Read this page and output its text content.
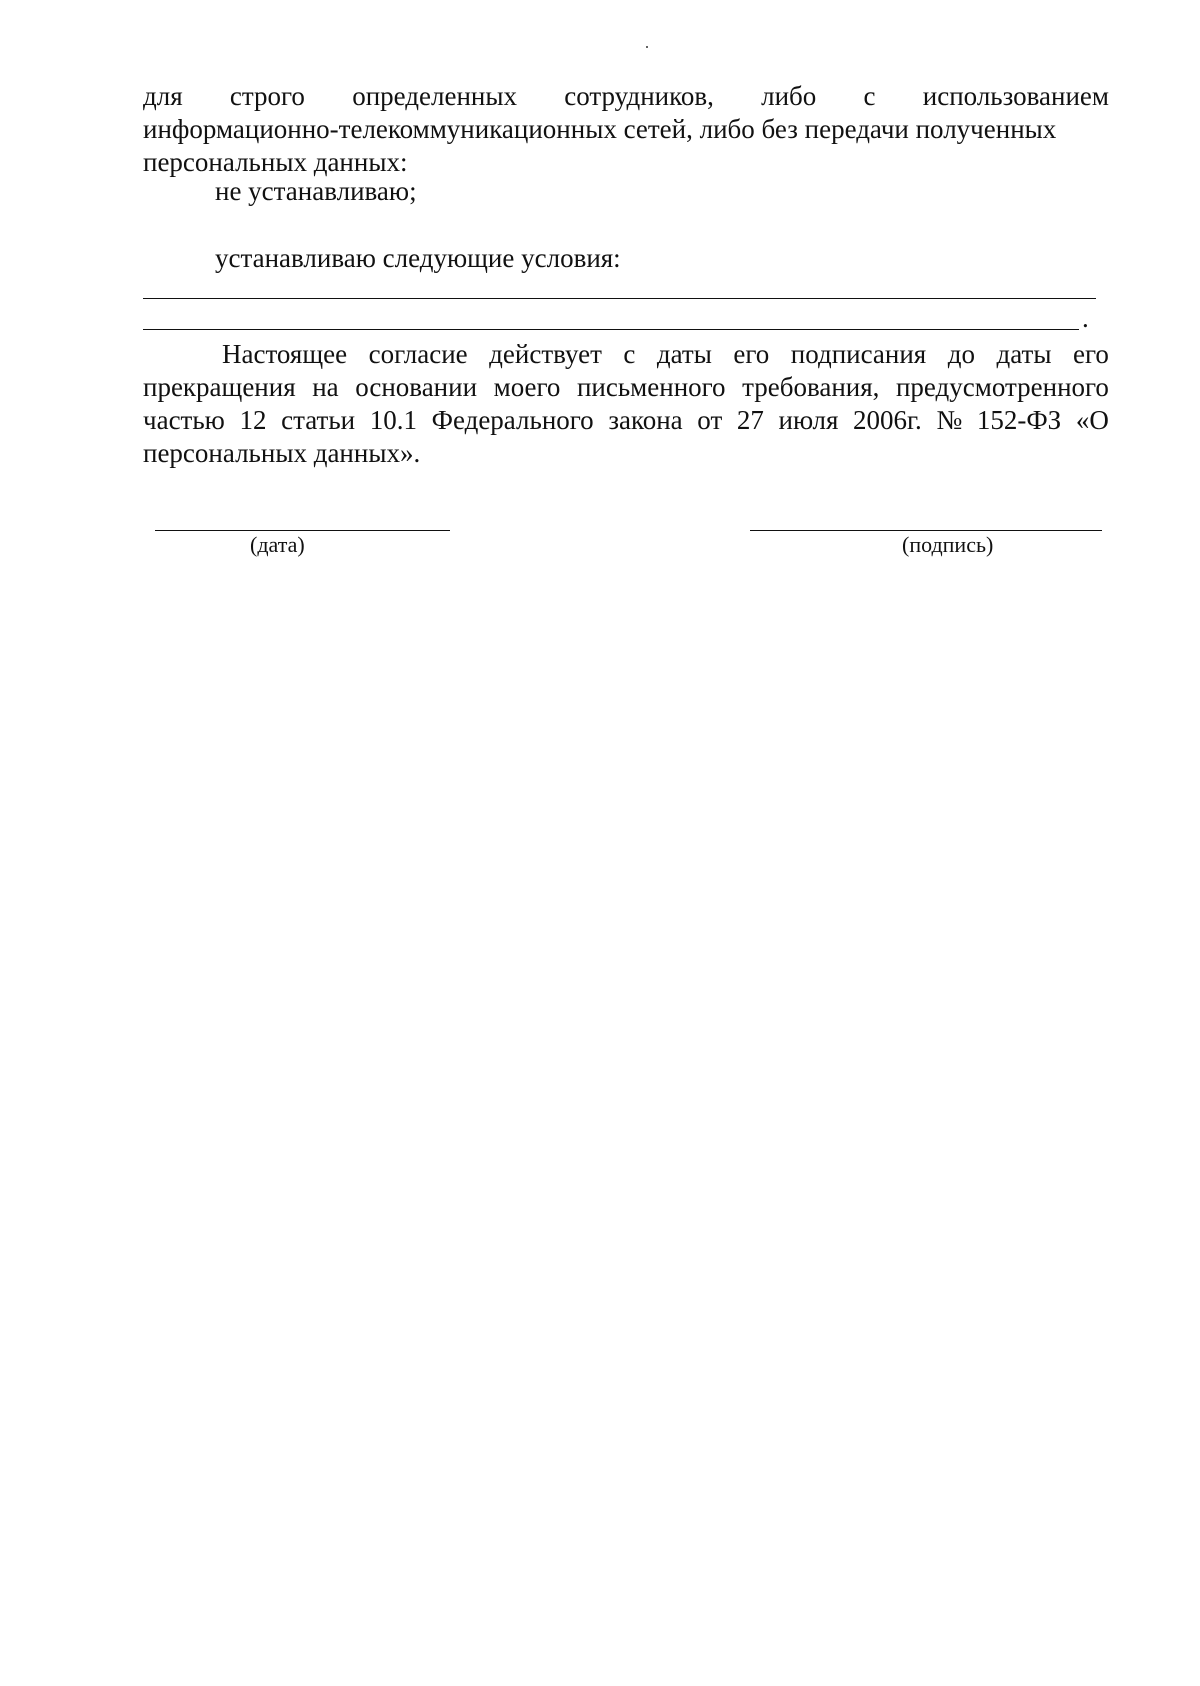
для строго определенных сотрудников, либо с использованием
информационно-телекоммуникационных сетей, либо без передачи полученных
персональных данных:
не устанавливаю;
устанавливаю следующие условия:
.
Настоящее согласие действует с даты его подписания до даты его
прекращения на основании моего письменного требования, предусмотренного
частью 12 статьи 10.1 Федерального закона от 27 июля 2006г. № 152-ФЗ «О
персональных данных».
(дата)	(подпись)
